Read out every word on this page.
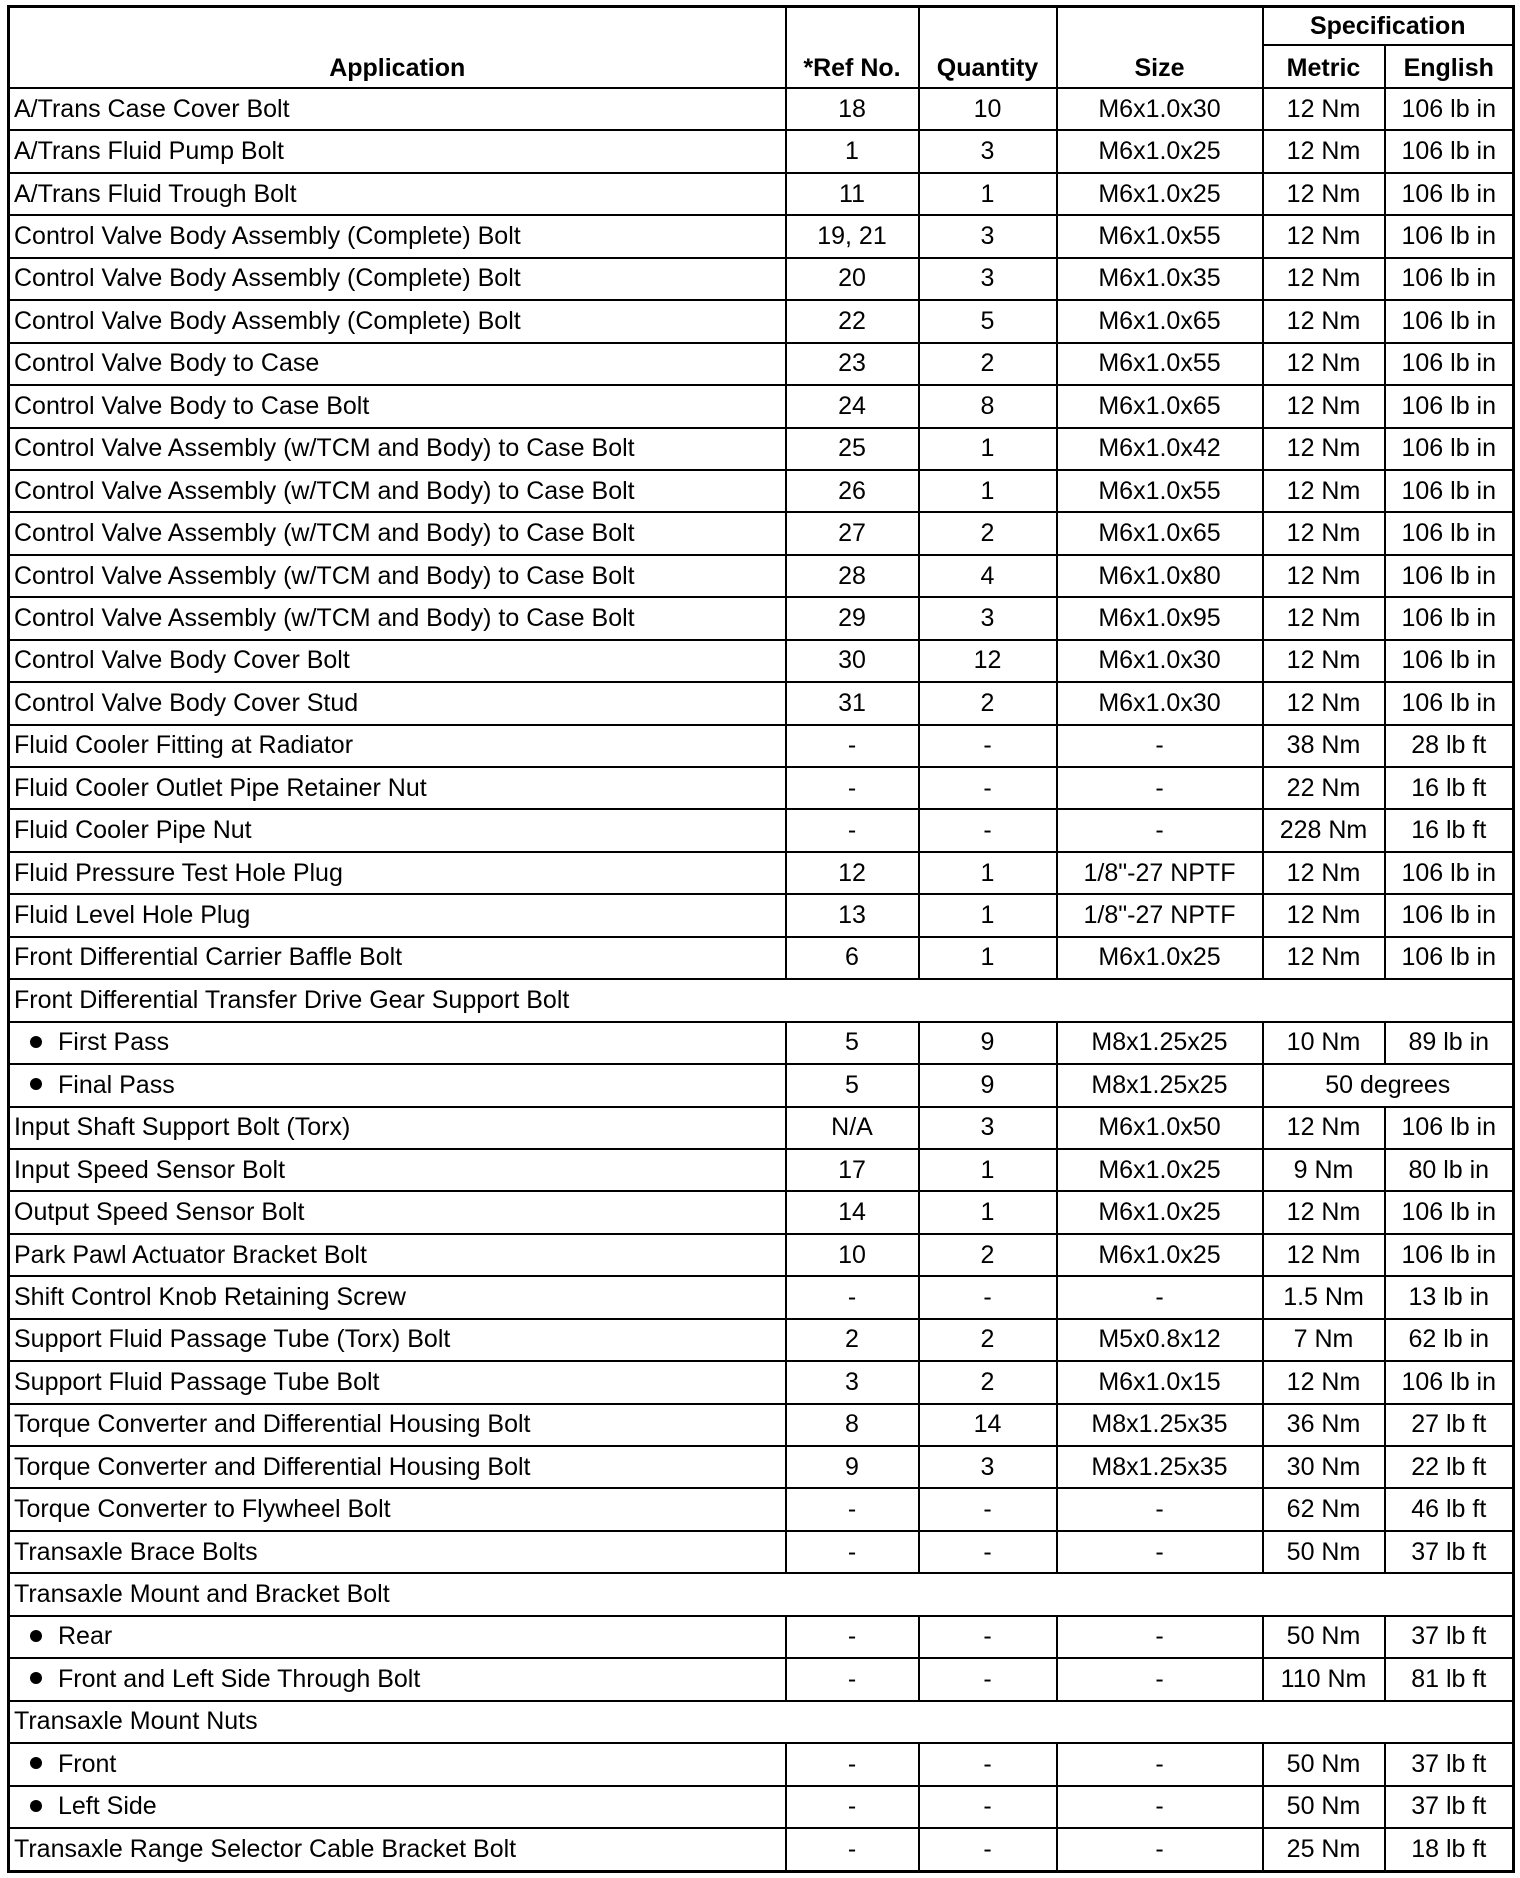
Application	*Ref No.	Quantity	Size	Specification	
				Metric	English
A/Trans Case Cover Bolt	18	10	M6x1.0x30	12 Nm	106 lb in
A/Trans Fluid Pump Bolt	1	3	M6x1.0x25	12 Nm	106 lb in
A/Trans Fluid Trough Bolt	11	1	M6x1.0x25	12 Nm	106 lb in
Control Valve Body Assembly (Complete) Bolt	19, 21	3	M6x1.0x55	12 Nm	106 lb in
Control Valve Body Assembly (Complete) Bolt	20	3	M6x1.0x35	12 Nm	106 lb in
Control Valve Body Assembly (Complete) Bolt	22	5	M6x1.0x65	12 Nm	106 lb in
Control Valve Body to Case	23	2	M6x1.0x55	12 Nm	106 lb in
Control Valve Body to Case Bolt	24	8	M6x1.0x65	12 Nm	106 lb in
Control Valve Assembly (w/TCM and Body) to Case Bolt	25	1	M6x1.0x42	12 Nm	106 lb in
Control Valve Assembly (w/TCM and Body) to Case Bolt	26	1	M6x1.0x55	12 Nm	106 lb in
Control Valve Assembly (w/TCM and Body) to Case Bolt	27	2	M6x1.0x65	12 Nm	106 lb in
Control Valve Assembly (w/TCM and Body) to Case Bolt	28	4	M6x1.0x80	12 Nm	106 lb in
Control Valve Assembly (w/TCM and Body) to Case Bolt	29	3	M6x1.0x95	12 Nm	106 lb in
Control Valve Body Cover Bolt	30	12	M6x1.0x30	12 Nm	106 lb in
Control Valve Body Cover Stud	31	2	M6x1.0x30	12 Nm	106 lb in
Fluid Cooler Fitting at Radiator	-	-	-	38 Nm	28 lb ft
Fluid Cooler Outlet Pipe Retainer Nut	-	-	-	22 Nm	16 lb ft
Fluid Cooler Pipe Nut	-	-	-	228 Nm	16 lb ft
Fluid Pressure Test Hole Plug	12	1	1/8"-27 NPTF	12 Nm	106 lb in
Fluid Level Hole Plug	13	1	1/8"-27 NPTF	12 Nm	106 lb in
Front Differential Carrier Baffle Bolt	6	1	M6x1.0x25	12 Nm	106 lb in
Front Differential Transfer Drive Gear Support Bolt					
First Pass	5	9	M8x1.25x25	10 Nm	89 lb in
Final Pass	5	9	M8x1.25x25	50 degrees	
Input Shaft Support Bolt (Torx)	N/A	3	M6x1.0x50	12 Nm	106 lb in
Input Speed Sensor Bolt	17	1	M6x1.0x25	9 Nm	80 lb in
Output Speed Sensor Bolt	14	1	M6x1.0x25	12 Nm	106 lb in
Park Pawl Actuator Bracket Bolt	10	2	M6x1.0x25	12 Nm	106 lb in
Shift Control Knob Retaining Screw	-	-	-	1.5 Nm	13 lb in
Support Fluid Passage Tube (Torx) Bolt	2	2	M5x0.8x12	7 Nm	62 lb in
Support Fluid Passage Tube Bolt	3	2	M6x1.0x15	12 Nm	106 lb in
Torque Converter and Differential Housing Bolt	8	14	M8x1.25x35	36 Nm	27 lb ft
Torque Converter and Differential Housing Bolt	9	3	M8x1.25x35	30 Nm	22 lb ft
Torque Converter to Flywheel Bolt	-	-	-	62 Nm	46 lb ft
Transaxle Brace Bolts	-	-	-	50 Nm	37 lb ft
Transaxle Mount and Bracket Bolt					
Rear	-	-	-	50 Nm	37 lb ft
Front and Left Side Through Bolt	-	-	-	110 Nm	81 lb ft
Transaxle Mount Nuts					
Front	-	-	-	50 Nm	37 lb ft
Left Side	-	-	-	50 Nm	37 lb ft
Transaxle Range Selector Cable Bracket Bolt	-	-	-	25 Nm	18 lb ft
